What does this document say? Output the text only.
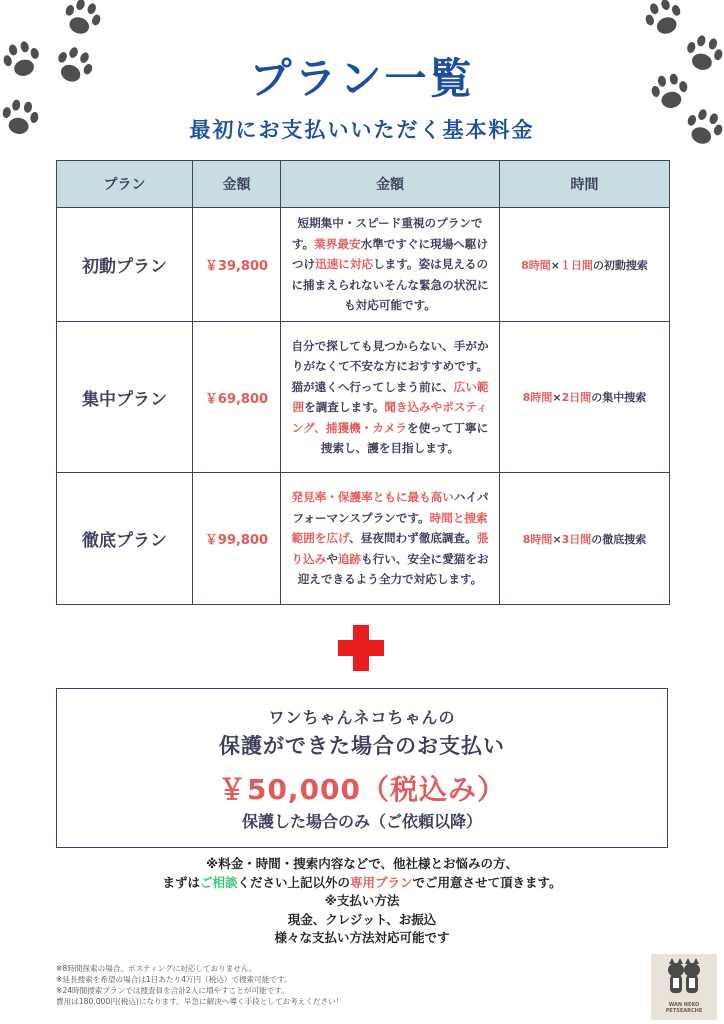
プラン一覧
最初にお支払いいただく基本料金
プラン	金額	金額	時間
初動プラン	￥39,800	短期集中・スピード重視のプランです。業界最安水準ですぐに現場へ駆けつけ迅速に対応します。姿は見えるのに捕まえられないそんな緊急の状況にも対応可能です。	8時間×１日間の初動捜索
集中プラン	￥69,800	自分で探しても見つからない、手がかりがなくて不安な方におすすめです。 猫が遠くへ行ってしまう前に、広い範囲を調査します。聞き込みやポスティング、捕獲機・カメラを使って丁寧に捜索し、護を目指します。	8時間×2日間の集中捜索
徹底プラン	￥99,800	発見率・保護率ともに最も高いハイパフォーマンスプランです。時間と捜索範囲を広げ、昼夜問わず徹底調査。張り込みや追跡も行い、安全に愛猫をお迎えできるよう全力で対応します。	8時間×3日間の徹底捜索
ワンちゃんネコちゃんの
保護ができた場合のお支払い
￥50,000（税込み）
保護した場合のみ（ご依頼以降）
※料金・時間・捜索内容などで、他社様とお悩みの方、
まずはご相談ください上記以外の専用プランでご用意させて頂きます。
※支払い方法
現金、クレジット、お振込
様々な支払い方法対応可能です
※8時間探索の場合、ポスティングに対応しておりません。
※延長捜索を希望の場合は1日あたり4万円（税込）で捜索可能です。
※24時間捜索プランでは捜査員を合計2人に増やすことが可能です。
費用は180,000円(税込)になります。早急に解決へ導く手段としてお考えください！	WAN NEKO
PETSEARCHE
